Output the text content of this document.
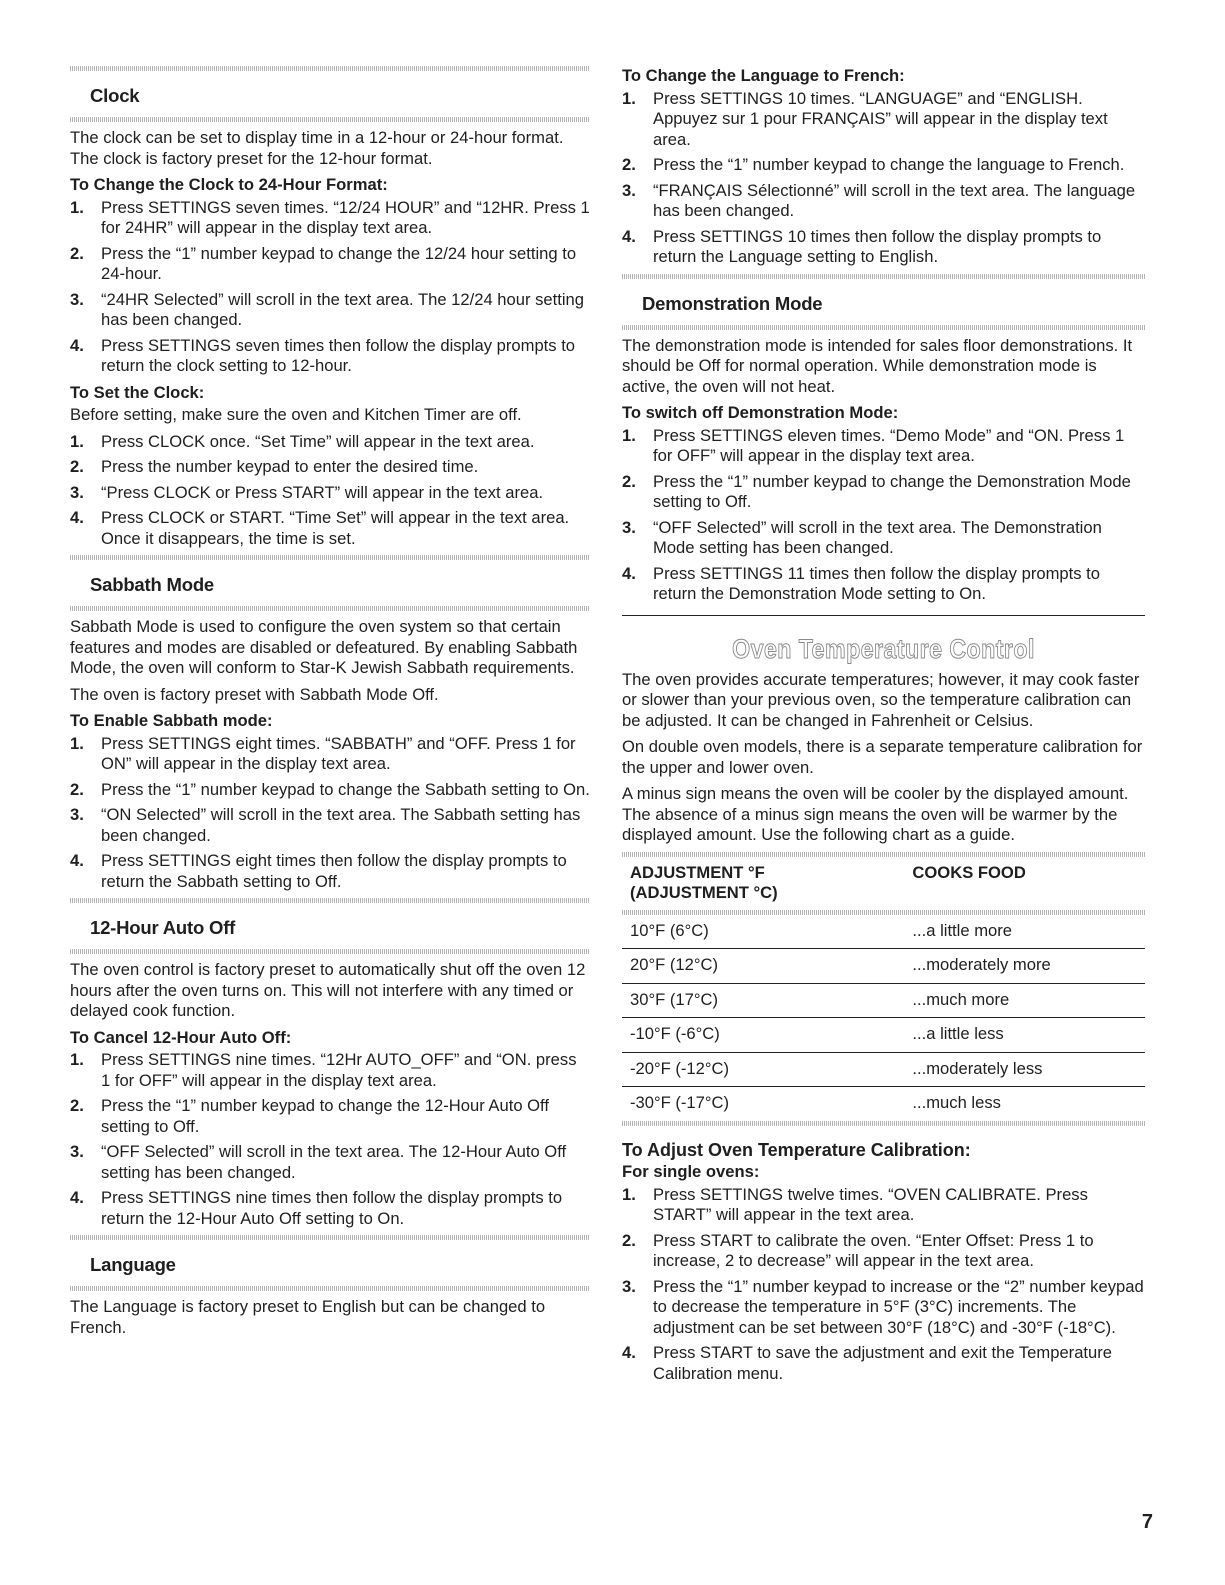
Clock

The clock can be set to display time in a 12-hour or 24-hour format. The clock is factory preset for the 12-hour format.

To Change the Clock to 24-Hour Format:
1. Press SETTINGS seven times. “12/24 HOUR” and “12HR. Press 1 for 24HR” will appear in the display text area.
2. Press the “1” number keypad to change the 12/24 hour setting to 24-hour.
3. “24HR Selected” will scroll in the text area. The 12/24 hour setting has been changed.
4. Press SETTINGS seven times then follow the display prompts to return the clock setting to 12-hour.
To Set the Clock:

Before setting, make sure the oven and Kitchen Timer are off.

1. Press CLOCK once. “Set Time” will appear in the text area.
2. Press the number keypad to enter the desired time.
3. “Press CLOCK or Press START” will appear in the text area.
4. Press CLOCK or START. “Time Set” will appear in the text area. Once it disappears, the time is set.
Sabbath Mode

Sabbath Mode is used to configure the oven system so that certain features and modes are disabled or defeatured. By enabling Sabbath Mode, the oven will conform to Star-K Jewish Sabbath requirements.

The oven is factory preset with Sabbath Mode Off.

To Enable Sabbath mode:
1. Press SETTINGS eight times. “SABBATH” and “OFF. Press 1 for ON” will appear in the display text area.
2. Press the “1” number keypad to change the Sabbath setting to On.
3. “ON Selected” will scroll in the text area. The Sabbath setting has been changed.
4. Press SETTINGS eight times then follow the display prompts to return the Sabbath setting to Off.
12-Hour Auto Off

The oven control is factory preset to automatically shut off the oven 12 hours after the oven turns on. This will not interfere with any timed or delayed cook function.

To Cancel 12-Hour Auto Off:
1. Press SETTINGS nine times. “12Hr AUTO_OFF” and “ON. press 1 for OFF” will appear in the display text area.
2. Press the “1” number keypad to change the 12-Hour Auto Off setting to Off.
3. “OFF Selected” will scroll in the text area. The 12-Hour Auto Off setting has been changed.
4. Press SETTINGS nine times then follow the display prompts to return the 12-Hour Auto Off setting to On.
Language

The Language is factory preset to English but can be changed to French.

To Change the Language to French:
1. Press SETTINGS 10 times. “LANGUAGE” and “ENGLISH. Appuyez sur 1 pour FRANÇAIS” will appear in the display text area.
2. Press the “1” number keypad to change the language to French.
3. “FRANÇAIS Sélectionné” will scroll in the text area. The language has been changed.
4. Press SETTINGS 10 times then follow the display prompts to return the Language setting to English.
Demonstration Mode

The demonstration mode is intended for sales floor demonstrations. It should be Off for normal operation. While demonstration mode is active, the oven will not heat.

To switch off Demonstration Mode:
1. Press SETTINGS eleven times. “Demo Mode” and “ON. Press 1 for OFF” will appear in the display text area.
2. Press the “1” number keypad to change the Demonstration Mode setting to Off.
3. “OFF Selected” will scroll in the text area. The Demonstration Mode setting has been changed.
4. Press SETTINGS 11 times then follow the display prompts to return the Demonstration Mode setting to On.
Oven Temperature Control

The oven provides accurate temperatures; however, it may cook faster or slower than your previous oven, so the temperature calibration can be adjusted. It can be changed in Fahrenheit or Celsius.

On double oven models, there is a separate temperature calibration for the upper and lower oven.

A minus sign means the oven will be cooler by the displayed amount. The absence of a minus sign means the oven will be warmer by the displayed amount. Use the following chart as a guide.

ADJUSTMENT °F
(ADJUSTMENT °C)	COOKS FOOD

10°F (6°C)	...a little more
20°F (12°C)	...moderately more
30°F (17°C)	...much more
-10°F (-6°C)	...a little less
-20°F (-12°C)	...moderately less
-30°F (-17°C)	...much less
To Adjust Oven Temperature Calibration:
For single ovens:
1. Press SETTINGS twelve times. “OVEN CALIBRATE. Press START” will appear in the text area.
2. Press START to calibrate the oven. “Enter Offset: Press 1 to increase, 2 to decrease” will appear in the text area.
3. Press the “1” number keypad to increase or the “2” number keypad to decrease the temperature in 5°F (3°C) increments. The adjustment can be set between 30°F (18°C) and -30°F (-18°C).
4. Press START to save the adjustment and exit the Temperature Calibration menu.
7
